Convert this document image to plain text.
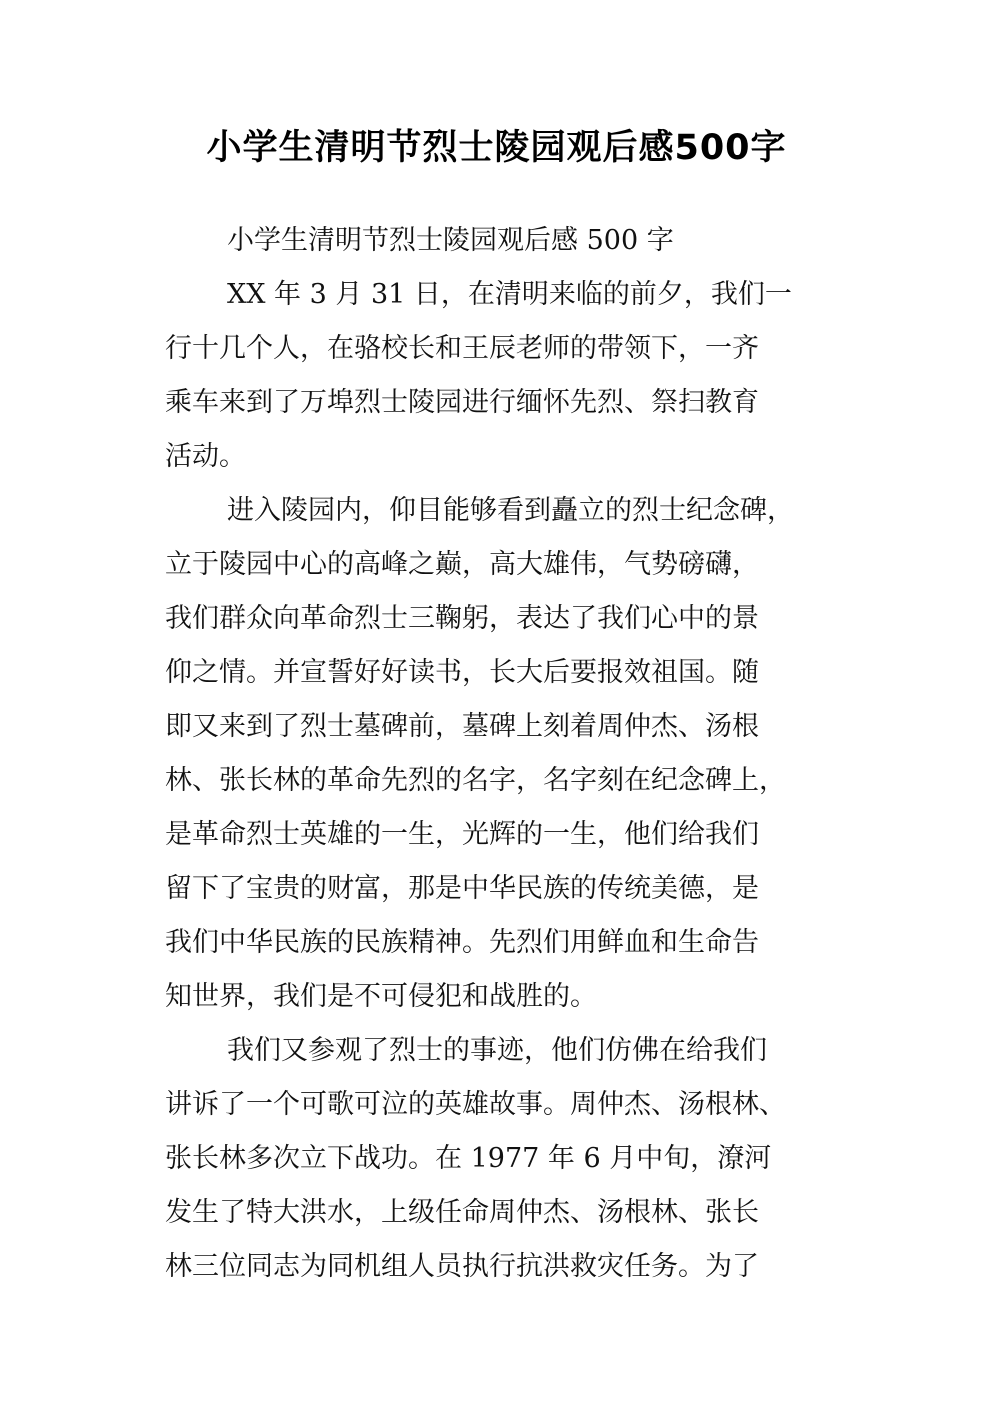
小学生清明节烈士陵园观后感500字
小学生清明节烈士陵园观后感 500 字
XX 年 3 月 31 日，在清明来临的前夕，我们一
行十几个人，在骆校长和王辰老师的带领下，一齐
乘车来到了万埠烈士陵园进行缅怀先烈、祭扫教育
活动。
进入陵园内，仰目能够看到矗立的烈士纪念碑，
立于陵园中心的高峰之巅，高大雄伟，气势磅礴，
我们群众向革命烈士三鞠躬，表达了我们心中的景
仰之情。并宣誓好好读书，长大后要报效祖国。随
即又来到了烈士墓碑前，墓碑上刻着周仲杰、汤根
林、张长林的革命先烈的名字，名字刻在纪念碑上，
是革命烈士英雄的一生，光辉的一生，他们给我们
留下了宝贵的财富，那是中华民族的传统美德，是
我们中华民族的民族精神。先烈们用鲜血和生命告
知世界，我们是不可侵犯和战胜的。
我们又参观了烈士的事迹，他们仿佛在给我们
讲诉了一个可歌可泣的英雄故事。周仲杰、汤根林、
张长林多次立下战功。在 1977 年 6 月中旬，潦河
发生了特大洪水，上级任命周仲杰、汤根林、张长
林三位同志为同机组人员执行抗洪救灾任务。为了
